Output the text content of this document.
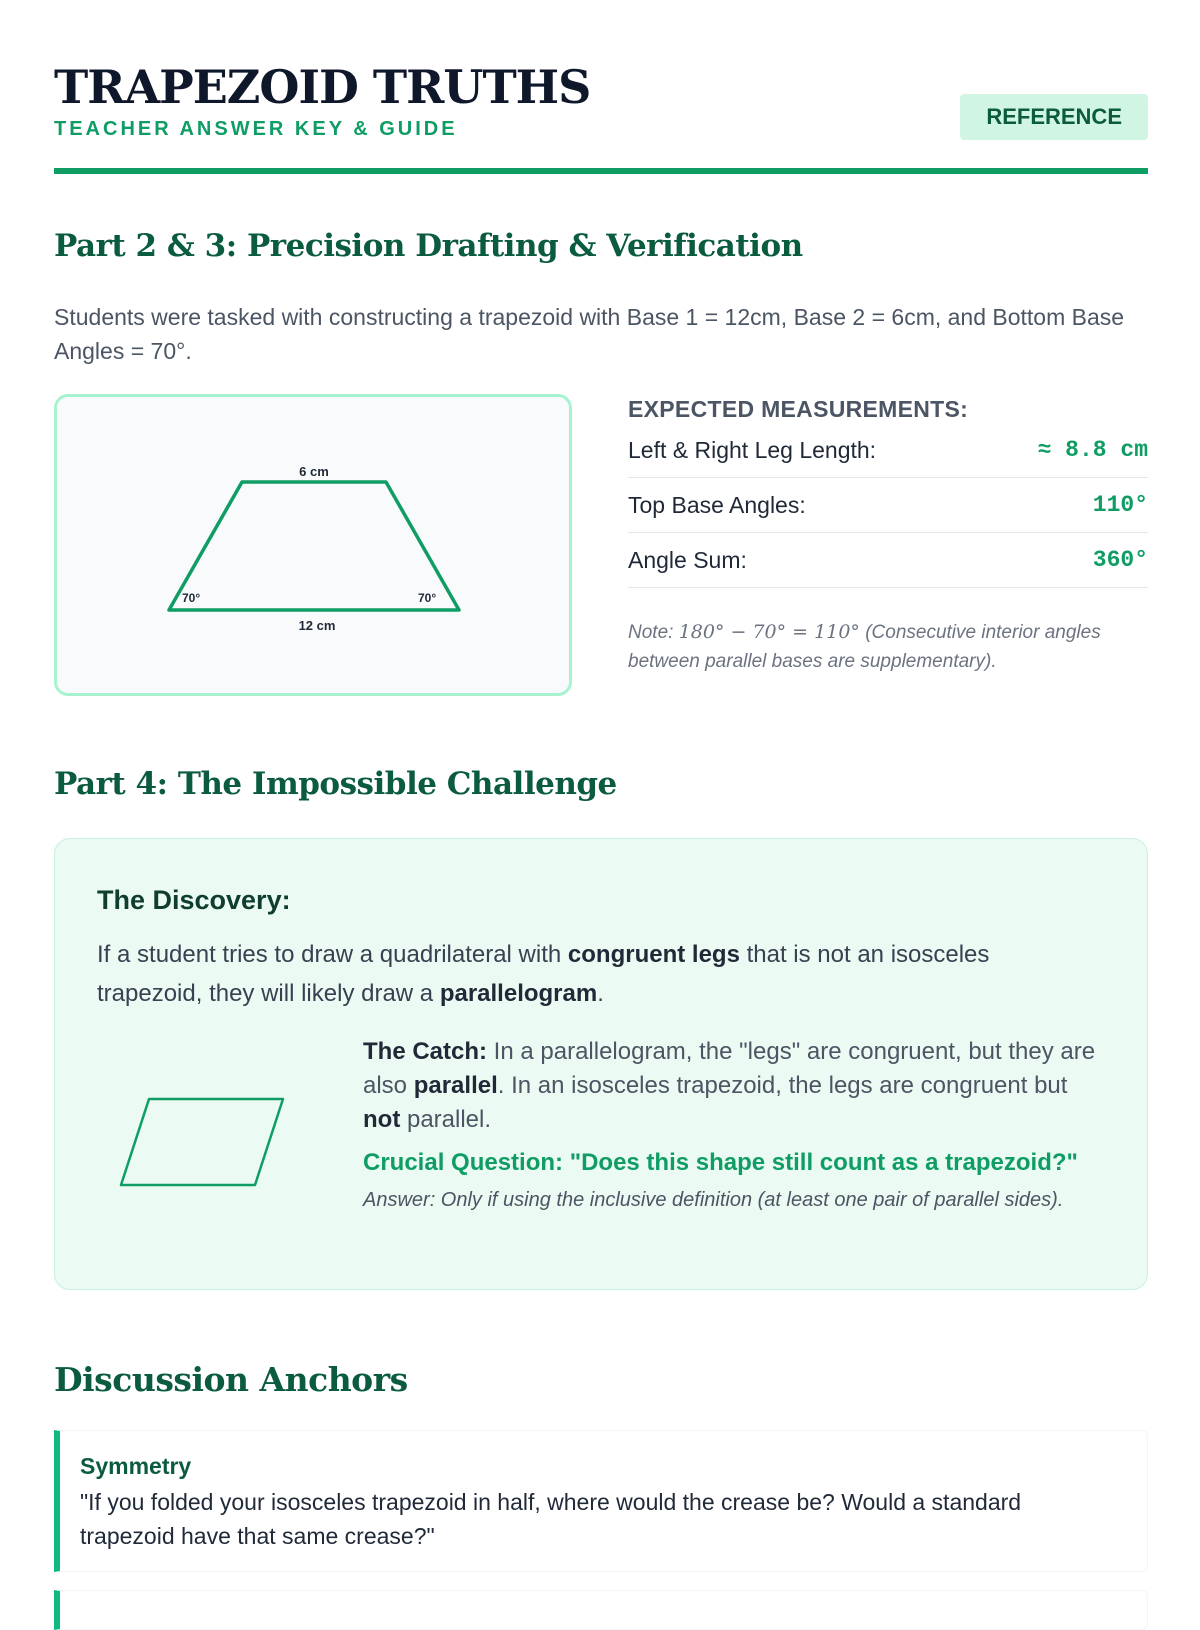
TRAPEZOID TRUTHS
TEACHER ANSWER KEY & GUIDE	REFERENCE
Part 2 & 3: Precision Drafting & Verification

Students were tasked with constructing a trapezoid with Base 1 = 12cm, Base 2 = 6cm, and Bottom Base Angles = 70°.

6 cm
12 cm
70°	70°
EXPECTED MEASUREMENTS:
Left & Right Leg Length:	≈ 8.8 cm
Top Base Angles:	110°
Angle Sum:	360°
Note: 180° − 70° = 110° (Consecutive interior angles between parallel bases are supplementary).
Part 4: The Impossible Challenge
The Discovery:

If a student tries to draw a quadrilateral with congruent legs that is not an isosceles trapezoid, they will likely draw a parallelogram.

The Catch: In a parallelogram, the "legs" are congruent, but they are also parallel. In an isosceles trapezoid, the legs are congruent but not parallel.

Crucial Question: "Does this shape still count as a trapezoid?"
Answer: Only if using the inclusive definition (at least one pair of parallel sides).
Discussion Anchors
Symmetry

"If you folded your isosceles trapezoid in half, where would the crease be? Would a standard trapezoid have that same crease?"
